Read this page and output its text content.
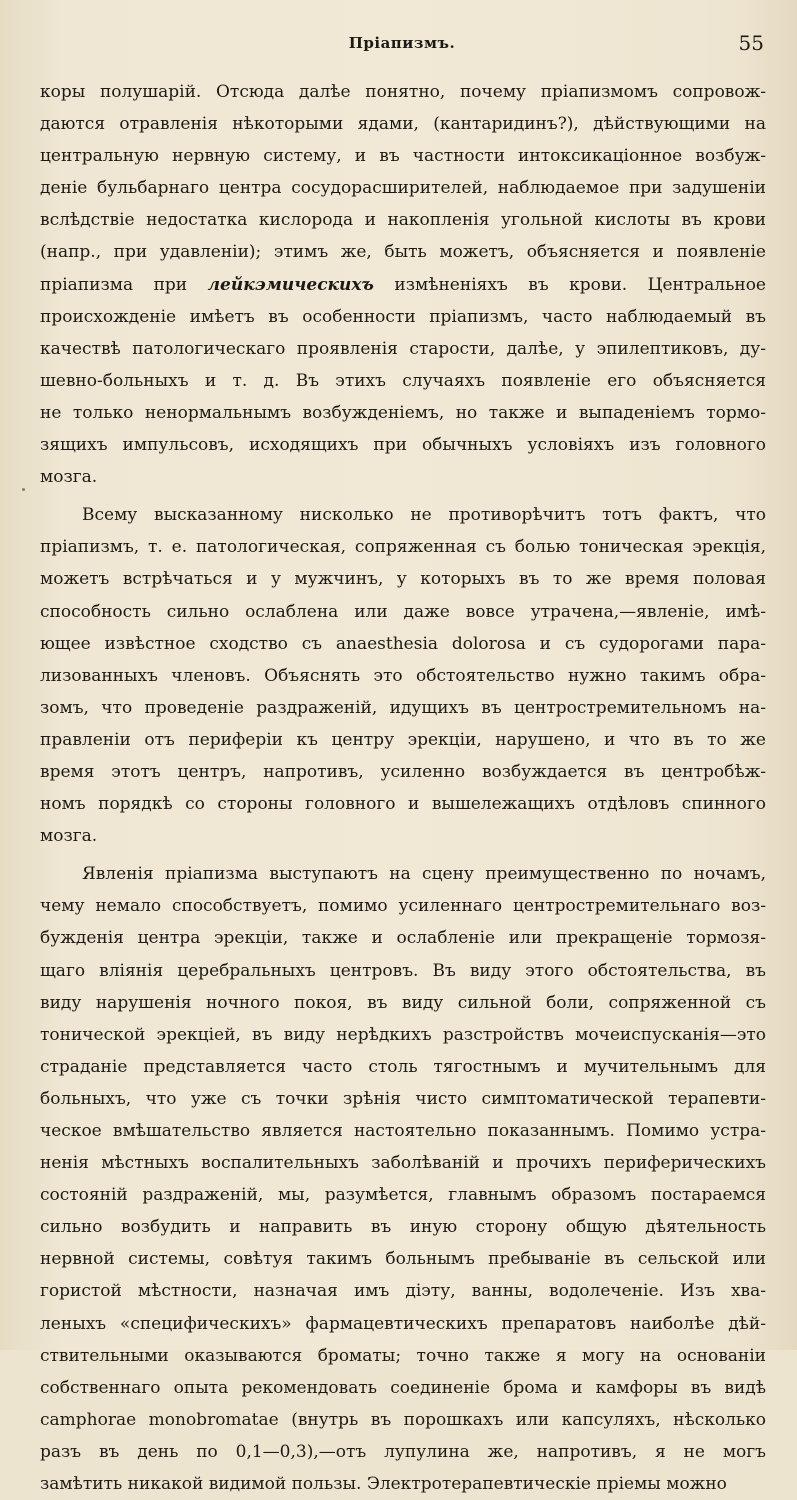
Пріапизмъ.	55
коры полушарій. Отсюда далѣе понятно, почему пріапизмомъ сопровож-
даются отравленія нѣкоторыми ядами, (кантаридинъ?), дѣйствующими на
центральную нервную систему, и въ частности интоксикаціонное возбуж-
деніе бульбарнаго центра сосудорасширителей, наблюдаемое при задушеніи
вслѣдствіе недостатка кислорода и накопленія угольной кислоты въ крови
(напр., при удавленіи); этимъ же, быть можетъ, объясняется и появленіе
пріапизма при лейкэмическихъ измѣненіяхъ въ крови. Центральное
происхожденіе имѣетъ въ особенности пріапизмъ, часто наблюдаемый въ
качествѣ патологическаго проявленія старости, далѣе, у эпилептиковъ, ду-
шевно-больныхъ и т. д. Въ этихъ случаяхъ появленіе его объясняется
не только ненормальнымъ возбужденіемъ, но также и выпаденіемъ тормо-
зящихъ импульсовъ, исходящихъ при обычныхъ условіяхъ изъ головного
мозга.
Всему высказанному нисколько не противорѣчитъ тотъ фактъ, что
пріапизмъ, т. е. патологическая, сопряженная съ болью тоническая эрекція,
можетъ встрѣчаться и у мужчинъ, у которыхъ въ то же время половая
способность сильно ослаблена или даже вовсе утрачена,—явленіе, имѣ-
ющее извѣстное сходство съ anaesthesia dolorosa и съ судорогами пара-
лизованныхъ членовъ. Объяснять это обстоятельство нужно такимъ обра-
зомъ, что проведеніе раздраженій, идущихъ въ центростремительномъ на-
правленіи отъ периферіи къ центру эрекціи, нарушено, и что въ то же
время этотъ центръ, напротивъ, усиленно возбуждается въ центробѣж-
номъ порядкѣ со стороны головного и вышележащихъ отдѣловъ спинного
мозга.
Явленія пріапизма выступаютъ на сцену преимущественно по ночамъ,
чему немало способствуетъ, помимо усиленнаго центростремительнаго воз-
бужденія центра эрекціи, также и ослабленіе или прекращеніе тормозя-
щаго вліянія церебральныхъ центровъ. Въ виду этого обстоятельства, въ
виду нарушенія ночного покоя, въ виду сильной боли, сопряженной съ
тонической эрекціей, въ виду нерѣдкихъ разстройствъ мочеиспусканія—это
страданіе представляется часто столь тягостнымъ и мучительнымъ для
больныхъ, что уже съ точки зрѣнія чисто симптоматической терапевти-
ческое вмѣшательство является настоятельно показаннымъ. Помимо устра-
ненія мѣстныхъ воспалительныхъ заболѣваній и прочихъ периферическихъ
состояній раздраженій, мы, разумѣется, главнымъ образомъ постараемся
сильно возбудить и направить въ иную сторону общую дѣятельность
нервной системы, совѣтуя такимъ больнымъ пребываніе въ сельской или
гористой мѣстности, назначая имъ діэту, ванны, водолеченіе. Изъ хва-
леныхъ «специфическихъ» фармацевтическихъ препаратовъ наиболѣе дѣй-
ствительными оказываются броматы; точно также я могу на основаніи
собственнаго опыта рекомендовать соединеніе брома и камфоры въ видѣ
camphorae monobromatae (внутрь въ порошкахъ или капсуляхъ, нѣсколько
разъ въ день по 0,1—0,3),—отъ лупулина же, напротивъ, я не могъ
замѣтить никакой видимой пользы. Электротерапевтическіе пріемы можно
